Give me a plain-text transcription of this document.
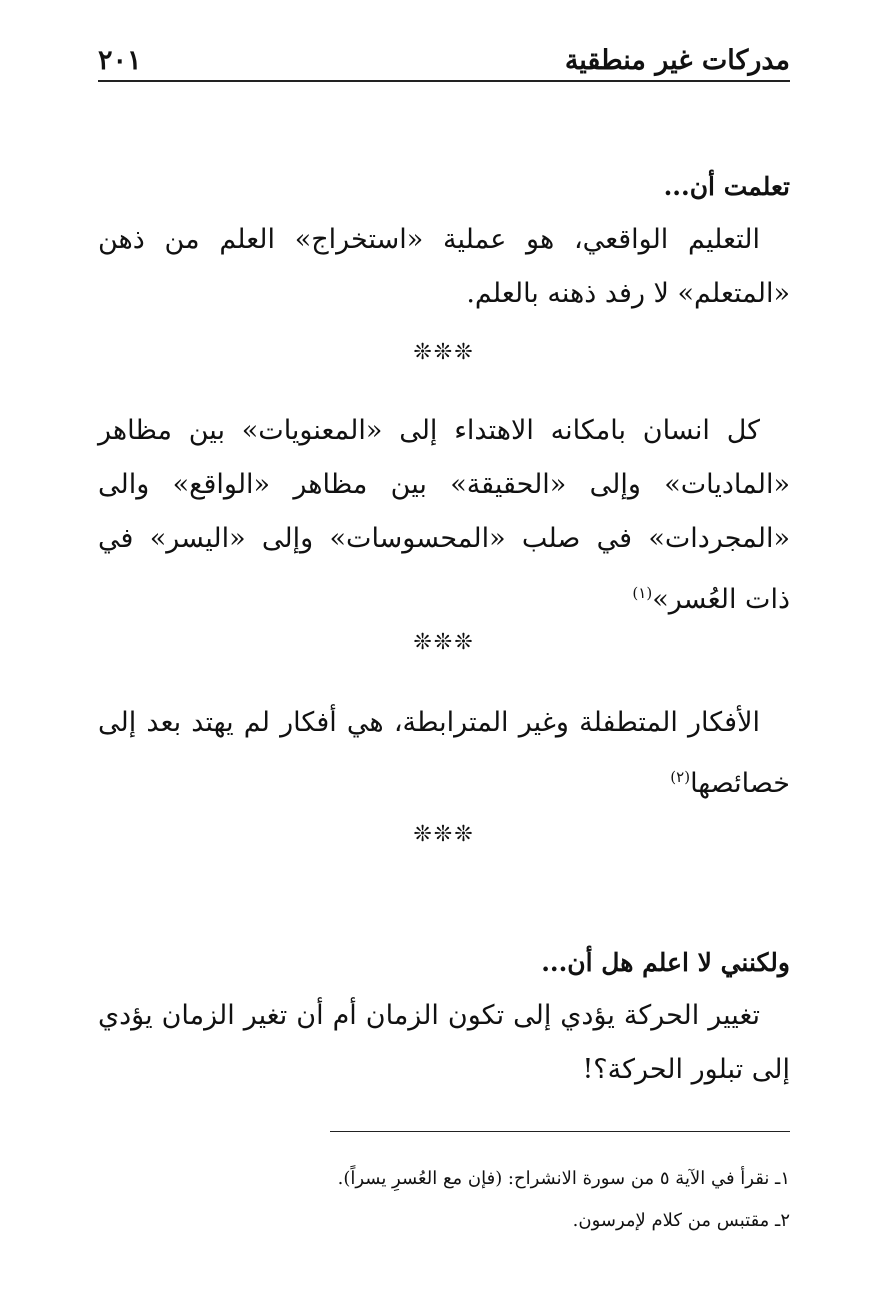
مدركات غير منطقية
٢٠١

تعلمت أن...

التعليم الواقعي، هو عملية «استخراج» العلم من ذهن «المتعلم» لا رفد ذهنه بالعلم.

❊❊❊

كل انسان بامكانه الاهتداء إلى «المعنويات» بين مظاهر «الماديات» وإلى «الحقيقة» بين مظاهر «الواقع» والى «المجردات» في صلب «المحسوسات» وإلى «اليسر» في ذات العُسر»$^{(١)}$

❊❊❊

الأفكار المتطفلة وغير المترابطة، هي أفكار لم يهتد بعد إلى خصائصها$^{(٢)}$

❊❊❊

ولكنني لا اعلم هل أن...

تغيير الحركة يؤدي إلى تكون الزمان أم أن تغير الزمان يؤدي إلى تبلور الحركة؟!

١ـ نقرأ في الآية ٥ من سورة الانشراح: (فإن مع العُسرِ يسراً).
٢ـ مقتبس من كلام لإمرسون.
